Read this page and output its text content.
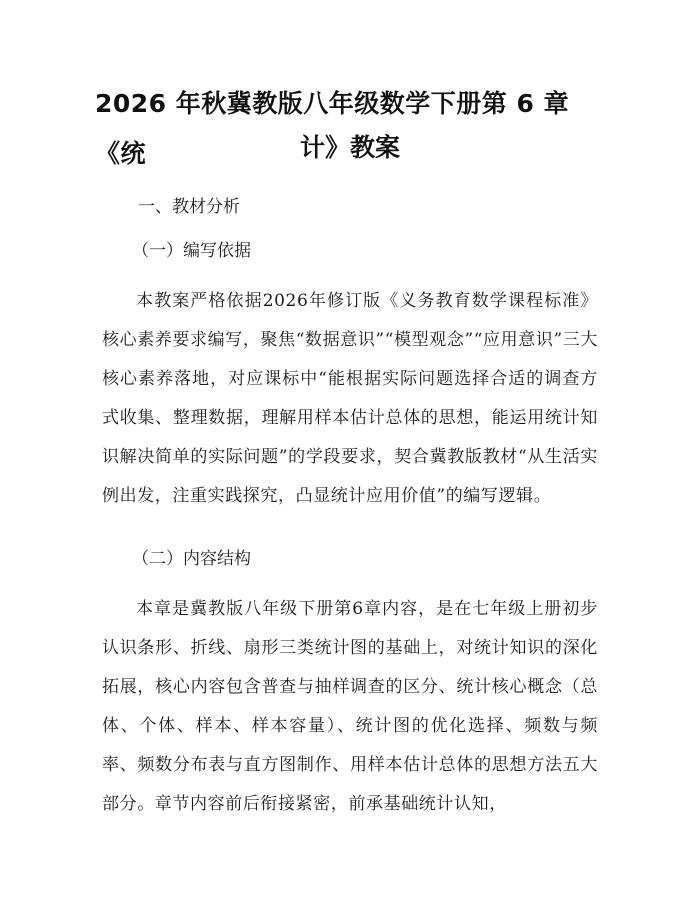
2026 年秋冀教版八年级数学下册第 6 章《统	计》教案
一、教材分析
（一）编写依据
本教案严格依据2026年修订版《义务教育数学课程标准》核心素养要求编写，聚焦“数据意识”“模型观念”“应用意识”三大核心素养落地，对应课标中“能根据实际问题选择合适的调查方式收集、整理数据，理解用样本估计总体的思想，能运用统计知识解决简单的实际问题”的学段要求，契合冀教版教材“从生活实例出发，注重实践探究，凸显统计应用价值”的编写逻辑。
（二）内容结构
本章是冀教版八年级下册第6章内容，是在七年级上册初步认识条形、折线、扇形三类统计图的基础上，对统计知识的深化拓展，核心内容包含普查与抽样调查的区分、统计核心概念（总体、个体、样本、样本容量）、统计图的优化选择、频数与频率、频数分布表与直方图制作、用样本估计总体的思想方法五大部分。章节内容前后衔接紧密，前承基础统计认知，
